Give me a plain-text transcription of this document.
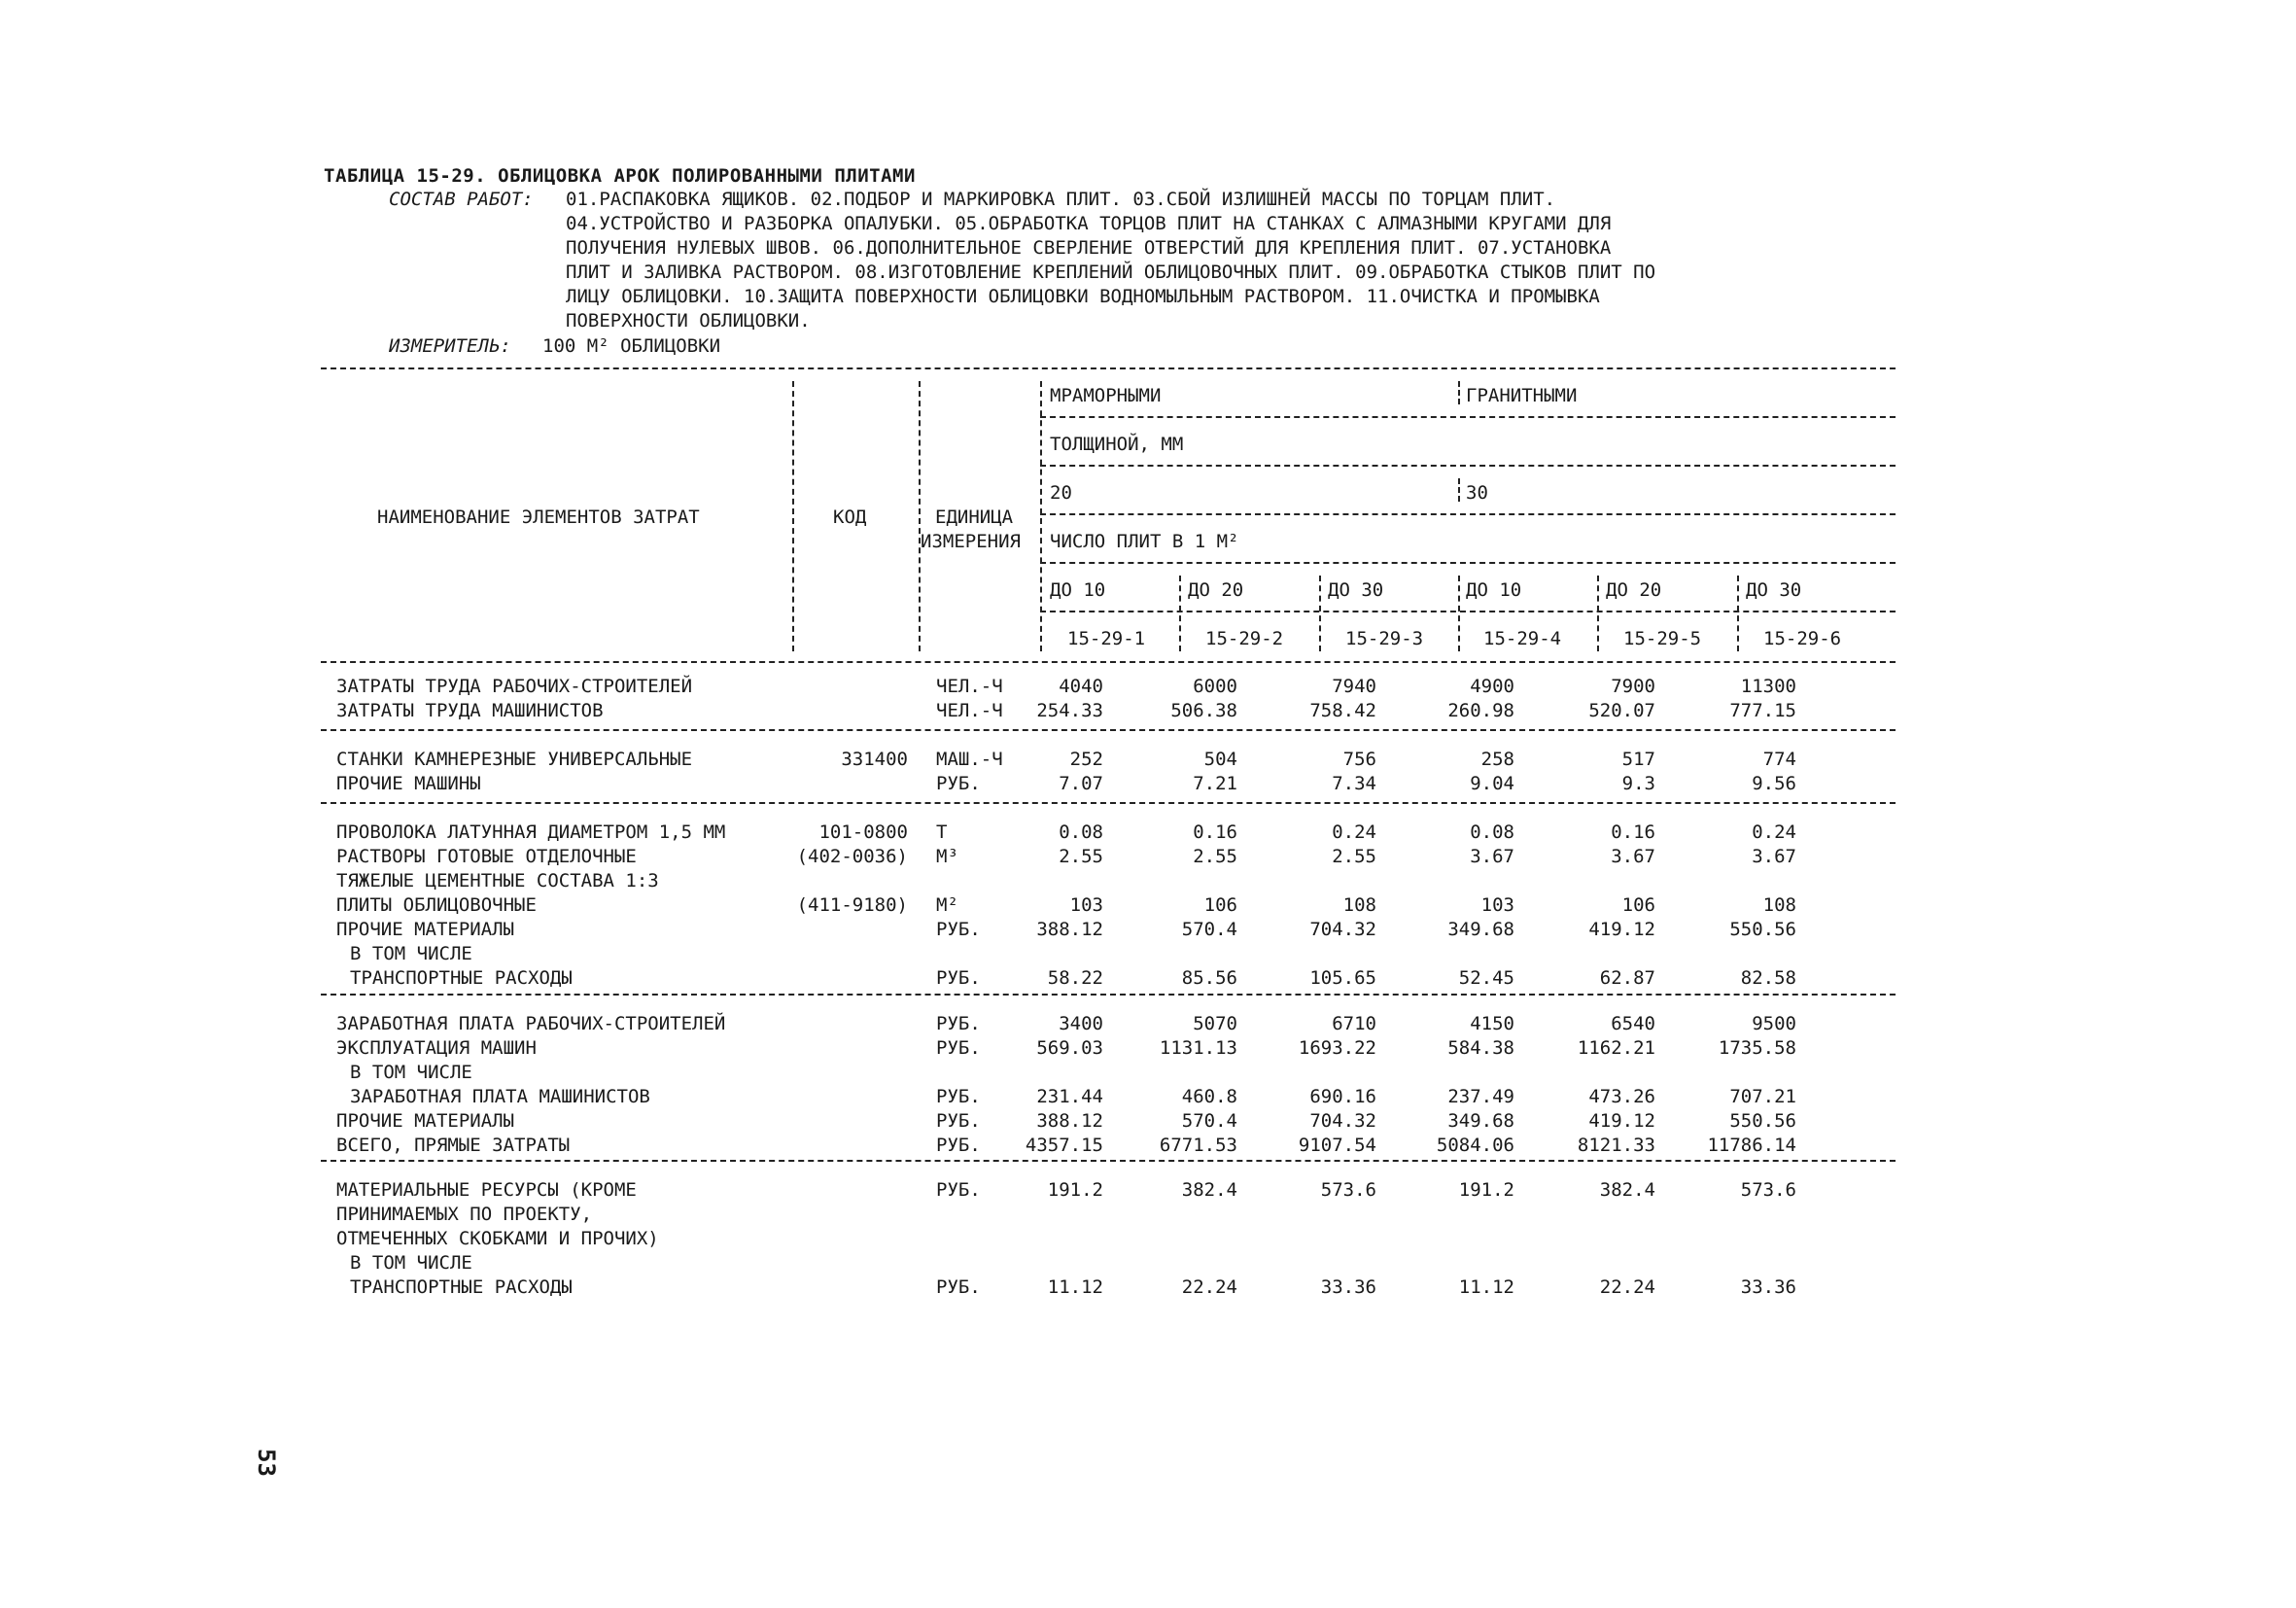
ТАБЛИЦА 15-29. ОБЛИЦОВКА АРОК ПОЛИРОВАННЫМИ ПЛИТАМИ
СОСТАВ РАБОТ: 01.РАСПАКОВКА ЯЩИКОВ. 02.ПОДБОР И МАРКИРОВКА ПЛИТ. 03.СБОЙ ИЗЛИШНЕЙ МАССЫ ПО ТОРЦАМ ПЛИТ.
04.УСТРОЙСТВО И РАЗБОРКА ОПАЛУБКИ. 05.ОБРАБОТКА ТОРЦОВ ПЛИТ НА СТАНКАХ С АЛМАЗНЫМИ КРУГАМИ ДЛЯ
ПОЛУЧЕНИЯ НУЛЕВЫХ ШВОВ. 06.ДОПОЛНИТЕЛЬНОЕ СВЕРЛЕНИЕ ОТВЕРСТИЙ ДЛЯ КРЕПЛЕНИЯ ПЛИТ. 07.УСТАНОВКА
ПЛИТ И ЗАЛИВКА РАСТВОРОМ. 08.ИЗГОТОВЛЕНИЕ КРЕПЛЕНИЙ ОБЛИЦОВОЧНЫХ ПЛИТ. 09.ОБРАБОТКА СТЫКОВ ПЛИТ ПО
ЛИЦУ ОБЛИЦОВКИ. 10.ЗАЩИТА ПОВЕРХНОСТИ ОБЛИЦОВКИ ВОДНОМЫЛЬНЫМ РАСТВОРОМ. 11.ОЧИСТКА И ПРОМЫВКА
ПОВЕРХНОСТИ ОБЛИЦОВКИ.
ИЗМЕРИТЕЛЬ: 100 М² ОБЛИЦОВКИ
НАИМЕНОВАНИЕ ЭЛЕМЕНТОВ ЗАТРАТ	КОД	ЕДИНИЦА
ИЗМЕРЕНИЯ
МРАМОРНЫМИ	ГРАНИТНЫМИ
ТОЛЩИНОЙ, ММ
20	30
ЧИСЛО ПЛИТ В 1 М²
ДО 10	ДО 20	ДО 30	ДО 10	ДО 20	ДО 30
15-29-1	15-29-2	15-29-3	15-29-4	15-29-5	15-29-6
ЗАТРАТЫ ТРУДА РАБОЧИХ-СТРОИТЕЛЕЙ	ЧЕЛ.-Ч	4040	6000	7940	4900	7900	11300
ЗАТРАТЫ ТРУДА МАШИНИСТОВ	ЧЕЛ.-Ч	254.33	506.38	758.42	260.98	520.07	777.15
СТАНКИ КАМНЕРЕЗНЫЕ УНИВЕРСАЛЬНЫЕ	331400 МАШ.-Ч	252	504	756	258	517	774
ПРОЧИЕ МАШИНЫ	РУБ.	7.07	7.21	7.34	9.04	9.3	9.56
ПРОВОЛОКА ЛАТУННАЯ ДИАМЕТРОМ 1,5 ММ	101-0800 Т	0.08	0.16	0.24	0.08	0.16	0.24
РАСТВОРЫ ГОТОВЫЕ ОТДЕЛОЧНЫЕ	(402-0036) М³	2.55	2.55	2.55	3.67	3.67	3.67
ТЯЖЕЛЫЕ ЦЕМЕНТНЫЕ СОСТАВА 1:3
ПЛИТЫ ОБЛИЦОВОЧНЫЕ	(411-9180) М²	103	106	108	103	106	108
ПРОЧИЕ МАТЕРИАЛЫ	РУБ.	388.12	570.4	704.32	349.68	419.12	550.56
В ТОМ ЧИСЛЕ
ТРАНСПОРТНЫЕ РАСХОДЫ	РУБ.	58.22	85.56	105.65	52.45	62.87	82.58
ЗАРАБОТНАЯ ПЛАТА РАБОЧИХ-СТРОИТЕЛЕЙ	РУБ.	3400	5070	6710	4150	6540	9500
ЭКСПЛУАТАЦИЯ МАШИН	РУБ.	569.03	1131.13	1693.22	584.38	1162.21	1735.58
В ТОМ ЧИСЛЕ
ЗАРАБОТНАЯ ПЛАТА МАШИНИСТОВ	РУБ.	231.44	460.8	690.16	237.49	473.26	707.21
ПРОЧИЕ МАТЕРИАЛЫ	РУБ.	388.12	570.4	704.32	349.68	419.12	550.56
ВСЕГО, ПРЯМЫЕ ЗАТРАТЫ	РУБ.	4357.15	6771.53	9107.54	5084.06	8121.33	11786.14
МАТЕРИАЛЬНЫЕ РЕСУРСЫ (КРОМЕ	РУБ.	191.2	382.4	573.6	191.2	382.4	573.6
ПРИНИМАЕМЫХ ПО ПРОЕКТУ,
ОТМЕЧЕННЫХ СКОБКАМИ И ПРОЧИХ)
В ТОМ ЧИСЛЕ
ТРАНСПОРТНЫЕ РАСХОДЫ	РУБ.	11.12	22.24	33.36	11.12	22.24	33.36
53
